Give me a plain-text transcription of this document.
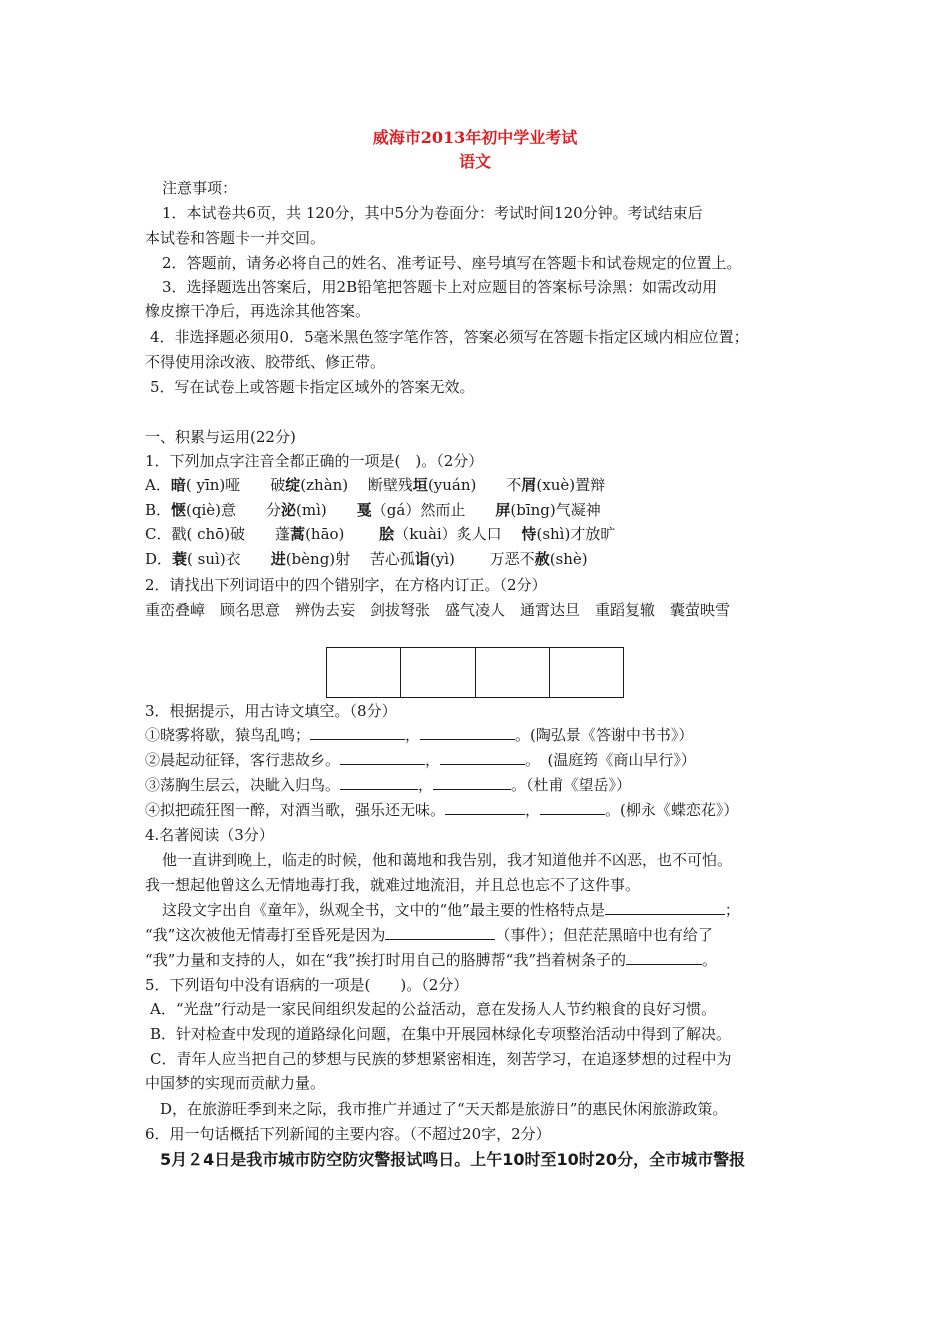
威海市2013年初中学业考试
语文
注意事项：
1．本试卷共6页，共 120分，其中5分为卷面分：考试时间120分钟。考试结束后
本试卷和答题卡一并交回。
2．答题前，请务必将自己的姓名、准考证号、座号填写在答题卡和试卷规定的位置上。
3．选择题选出答案后，用2B铅笔把答题卡上对应题目的答案标号涂黑：如需改动用
橡皮擦干净后，再选涂其他答案。
4．非选择题必须用0．5毫米黑色签字笔作答，答案必须写在答题卡指定区域内相应位置；
不得使用涂改液、胶带纸、修正带。
5．写在试卷上或答题卡指定区域外的答案无效。
一、积累与运用(22分)
1．下列加点字注音全都正确的一项是(　)。（2分）
A．暗( yīn)哑　　破绽(zhàn)　 断壁残垣(yuán)　　不屑(xuè)置辩
B．惬(qiè)意　　分泌(mì)　　戛（gá）然而止　　屏(bīng)气凝神
C．戳( chō)破　　蓬蒿(hāo)　　 脍（kuài）炙人口　 恃(shì)才放旷
D．蓑( suì)衣　　进(bèng)射　 苦心孤诣(yì)　　 万恶不赦(shè)
2．请找出下列词语中的四个错别字，在方格内订正。（2分）
重峦叠嶂　顾名思意　辨伪去妄　剑拔弩张　盛气凌人　通霄达旦　重蹈复辙　囊萤映雪
3．根据提示，用古诗文填空。（8分）
①晓雾将歇，猿鸟乱鸣；	，	。(陶弘景《答谢中书书》）
②晨起动征铎，客行悲故乡。	，	。　(温庭筠《商山早行》）
③荡胸生层云，决眦入归鸟。	，	。（杜甫《望岳》）
④拟把疏狂图一醉，对酒当歌，强乐还无味。	，	。(柳永《蝶恋花》）
4.名著阅读（3分）
他一直讲到晚上，临走的时候，他和蔼地和我告别，我才知道他并不凶恶，也不可怕。
我一想起他曾这么无情地毒打我，就难过地流泪，并且总也忘不了这件事。
这段文字出自《童年》，纵观全书，文中的“他”最主要的性格特点是	；
“我”这次被他无情毒打至昏死是因为	（事件）；但茫茫黑暗中也有给了
“我”力量和支持的人，如在“我”挨打时用自己的胳膊帮“我”挡着树条子的	。
5．下列语句中没有语病的一项是(　　)。（2分）
A．“光盘”行动是一家民间组织发起的公益活动，意在发扬人人节约粮食的良好习惯。
B．针对检查中发现的道路绿化问题，在集中开展园林绿化专项整治活动中得到了解决。
C．青年人应当把自己的梦想与民族的梦想紧密相连，刻苦学习，在追逐梦想的过程中为
中国梦的实现而贡献力量。
D，在旅游旺季到来之际，我市推广并通过了“天天都是旅游日”的惠民休闲旅游政策。
6．用一句话概括下列新闻的主要内容。（不超过20字，2分）
5月２4日是我市城市防空防灾警报试鸣日。上午10时至10时20分，全市城市警报
